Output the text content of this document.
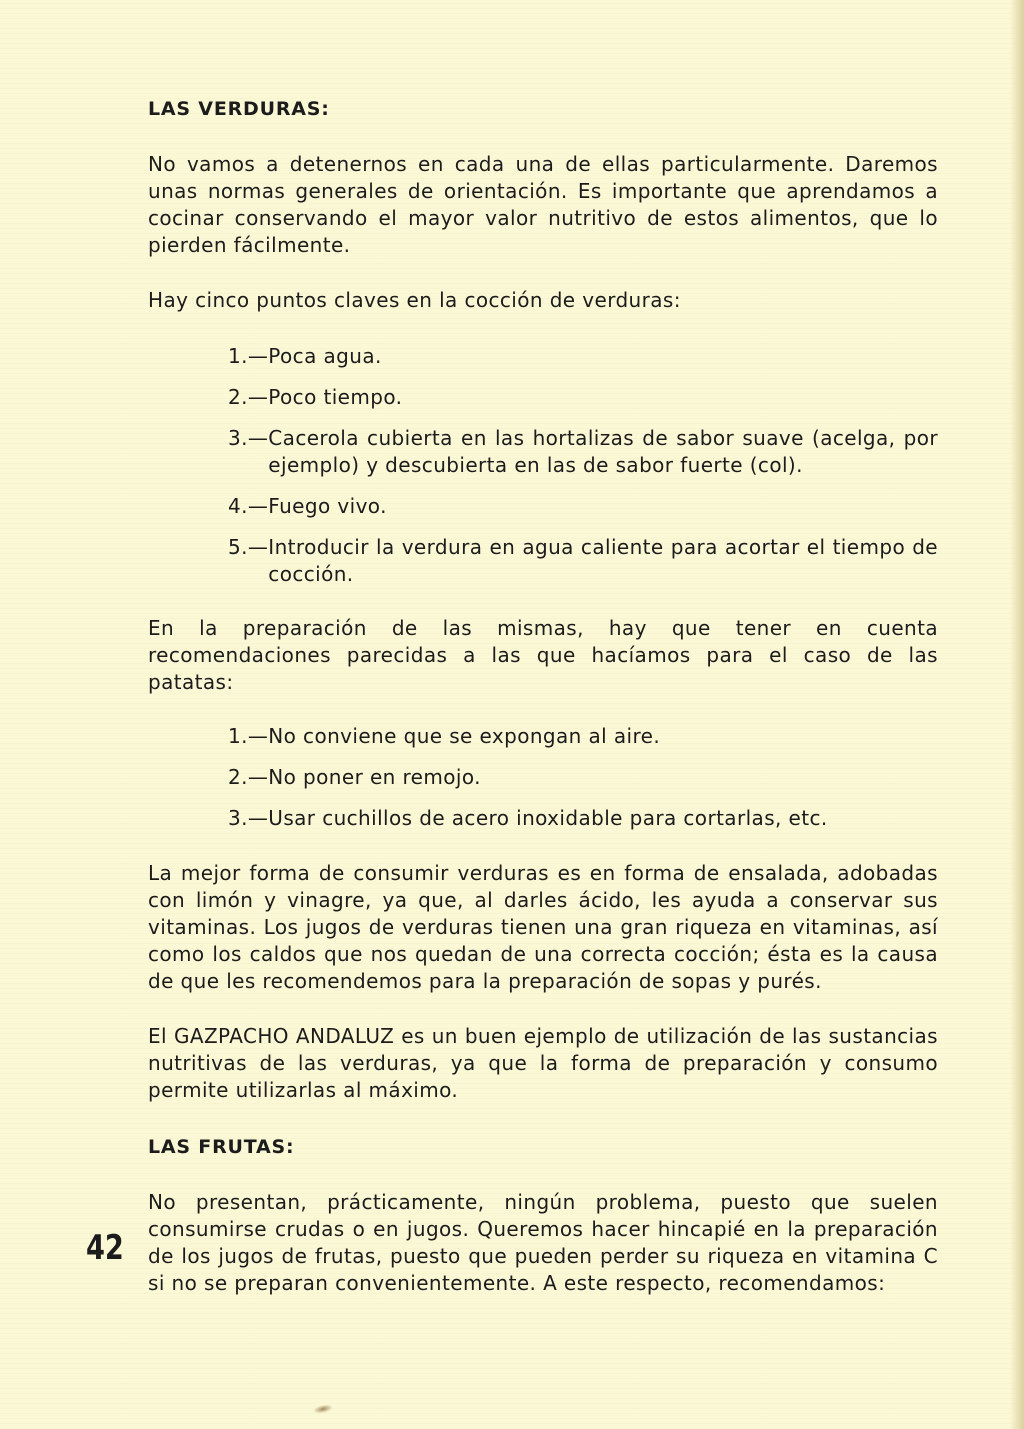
LAS VERDURAS:

No vamos a detenernos en cada una de ellas particularmente. Daremos unas normas generales de orientación. Es importante que aprendamos a cocinar conservando el mayor valor nutritivo de estos alimentos, que lo pierden fácilmente.

Hay cinco puntos claves en la cocción de verduras:

1.— Poca agua.
2.— Poco tiempo.
3.— Cacerola cubierta en las hortalizas de sabor suave (acelga, por ejemplo) y descubierta en las de sabor fuerte (col).
4.— Fuego vivo.
5.— Introducir la verdura en agua caliente para acortar el tiempo de cocción.

En la preparación de las mismas, hay que tener en cuenta recomendaciones parecidas a las que hacíamos para el caso de las patatas:

1.— No conviene que se expongan al aire.
2.— No poner en remojo.
3.— Usar cuchillos de acero inoxidable para cortarlas, etc.

La mejor forma de consumir verduras es en forma de ensalada, adobadas con limón y vinagre, ya que, al darles ácido, les ayuda a conservar sus vitaminas. Los jugos de verduras tienen una gran riqueza en vitaminas, así como los caldos que nos quedan de una correcta cocción; ésta es la causa de que les recomendemos para la preparación de sopas y purés.

El GAZPACHO ANDALUZ es un buen ejemplo de utilización de las sustancias nutritivas de las verduras, ya que la forma de preparación y consumo permite utilizarlas al máximo.

LAS FRUTAS:

No presentan, prácticamente, ningún problema, puesto que suelen consumirse crudas o en jugos. Queremos hacer hincapié en la preparación de los jugos de frutas, puesto que pueden perder su riqueza en vitamina C si no se preparan convenientemente. A este respecto, recomendamos:

42
